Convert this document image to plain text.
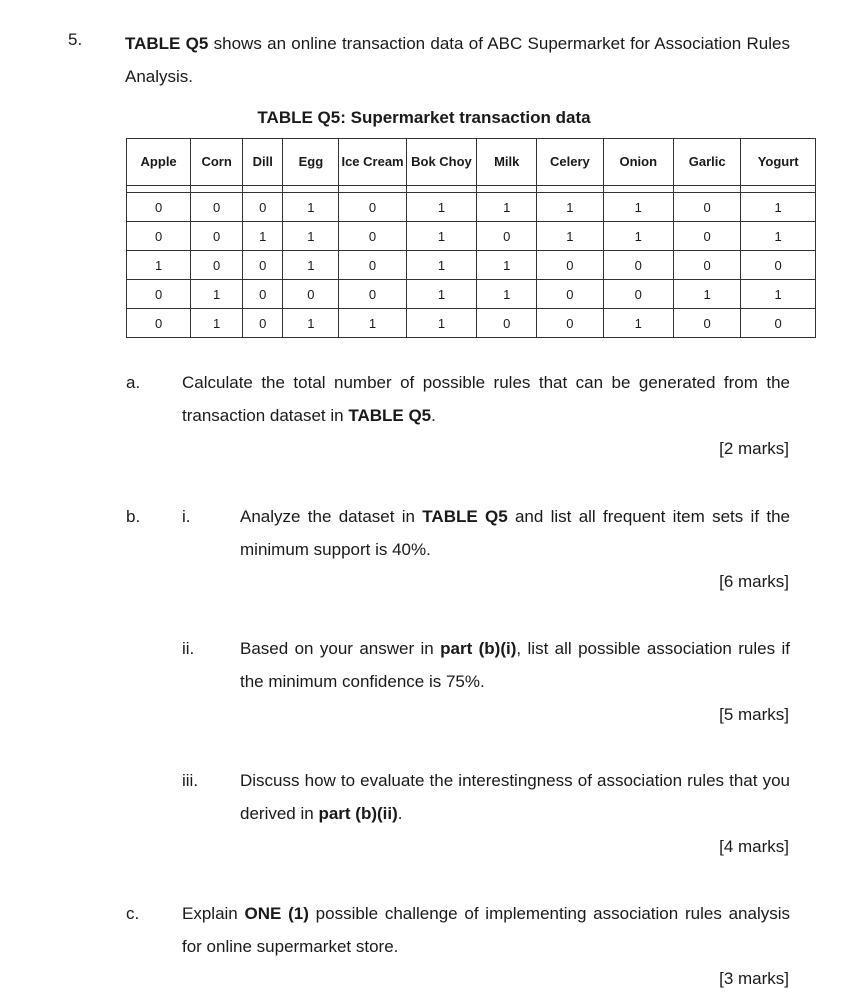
5.	TABLE Q5 shows an online transaction data of ABC Supermarket for Association Rules Analysis.
TABLE Q5: Supermarket transaction data
Apple	Corn	Dill	Egg	Ice Cream	Bok Choy	Milk	Celery	Onion	Garlic	Yogurt

0	0	0	1	0	1	1	1	1	0	1
0	0	1	1	0	1	0	1	1	0	1
1	0	0	1	0	1	1	0	0	0	0
0	1	0	0	0	1	1	0	0	1	1
0	1	0	1	1	1	0	0	1	0	0
a. Calculate the total number of possible rules that can be generated from the transaction dataset in TABLE Q5.
[2 marks]
b. i.	Analyze the dataset in TABLE Q5 and list all frequent item sets if the minimum support is 40%.
[6 marks]
ii.	Based on your answer in part (b)(i), list all possible association rules if the minimum confidence is 75%.
[5 marks]
iii. Discuss how to evaluate the interestingness of association rules that you derived in part (b)(ii).
[4 marks]
c.	Explain ONE (1) possible challenge of implementing association rules analysis for online supermarket store.
[3 marks]
